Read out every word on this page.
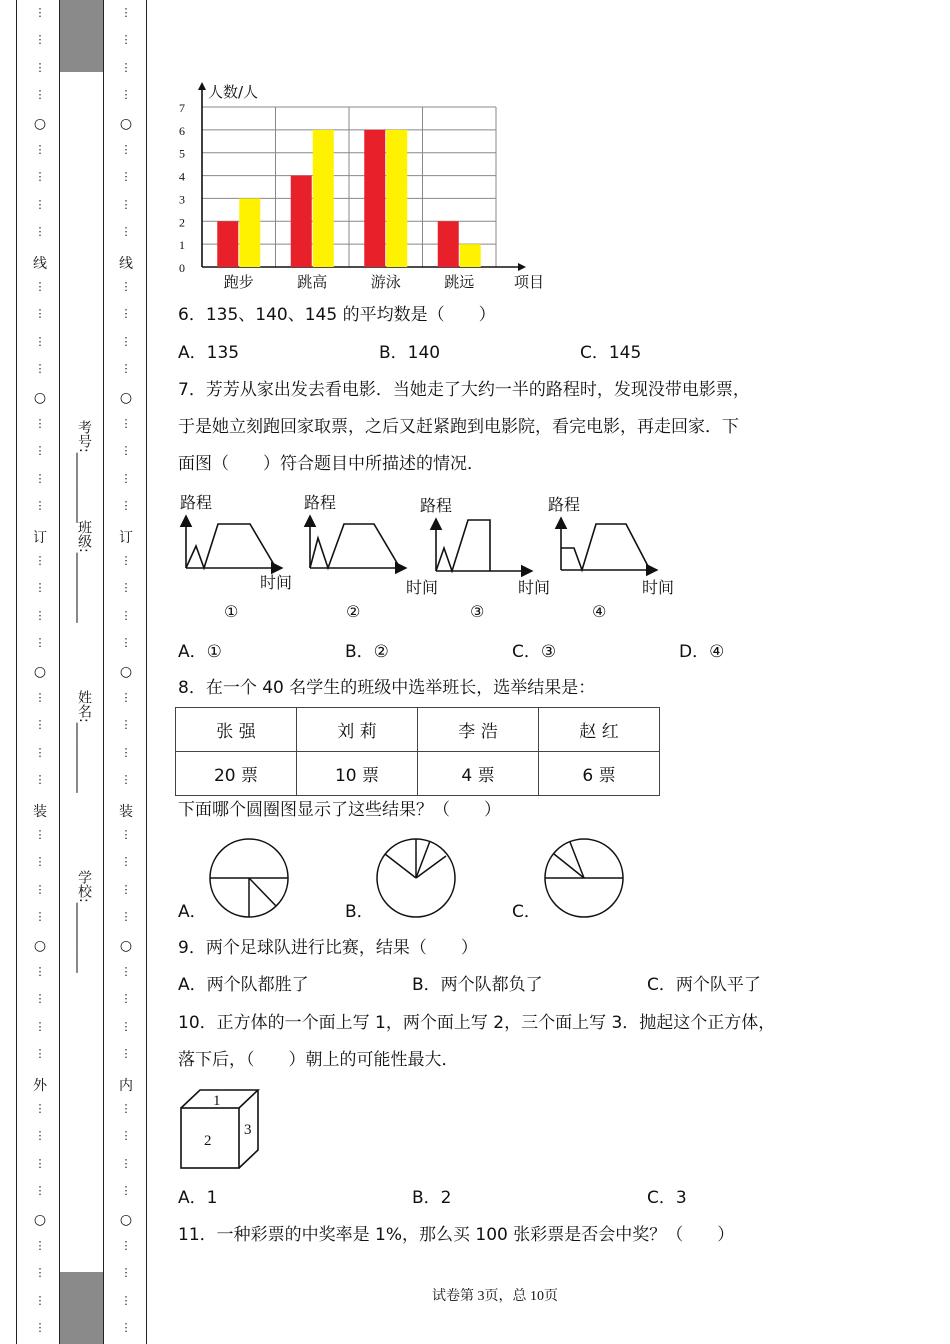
⋮
⋮
⋮
⋮
○
⋮
⋮
⋮
⋮
线
⋮
⋮
⋮
⋮
○
⋮
⋮
⋮
⋮
订
⋮
⋮
⋮
⋮
○
⋮
⋮
⋮
⋮
装
⋮
⋮
⋮
⋮
○
⋮
⋮
⋮
⋮
外
⋮
⋮
⋮
⋮
○
⋮
⋮
⋮
⋮
⋮
⋮
⋮
⋮
○
⋮
⋮
⋮
⋮
线
⋮
⋮
⋮
⋮
○
⋮
⋮
⋮
⋮
订
⋮
⋮
⋮
⋮
○
⋮
⋮
⋮
⋮
装
⋮
⋮
⋮
⋮
○
⋮
⋮
⋮
⋮
内
⋮
⋮
⋮
⋮
○
⋮
⋮
⋮
⋮
学校:__________
姓名:__________
班级:__________
考号:__________
0
1
2
3
4
5
6
7
跑步	跳高	游泳	跳远
人数/人
项目
6．135、140、145 的平均数是（　　）
A．135	B．140	C．145
7．芳芳从家出发去看电影．当她走了大约一半的路程时，发现没带电影票，
于是她立刻跑回家取票，之后又赶紧跑到电影院，看完电影，再走回家．下
面图（　　）符合题目中所描述的情况．
路程
时间
路程
时间
路程
时间
路程
时间
①	②	③	④
A．①	B．②	C．③	D．④
8．在一个 40 名学生的班级中选举班长，选举结果是：
张 强	刘 莉	李 浩	赵 红
20 票	10 票	4 票	6 票
下面哪个圆圈图显示了这些结果？（　　）
A．	B．	C．
9．两个足球队进行比赛，结果（　　）
A．两个队都胜了	B．两个队都负了	C．两个队平了
10．正方体的一个面上写 1，两个面上写 2，三个面上写 3．抛起这个正方体，
落下后，（　　）朝上的可能性最大．
1
2
3
A．1	B．2	C．3
11．一种彩票的中奖率是 1%，那么买 100 张彩票是否会中奖？（　　）
试卷第 3页，总 10页
